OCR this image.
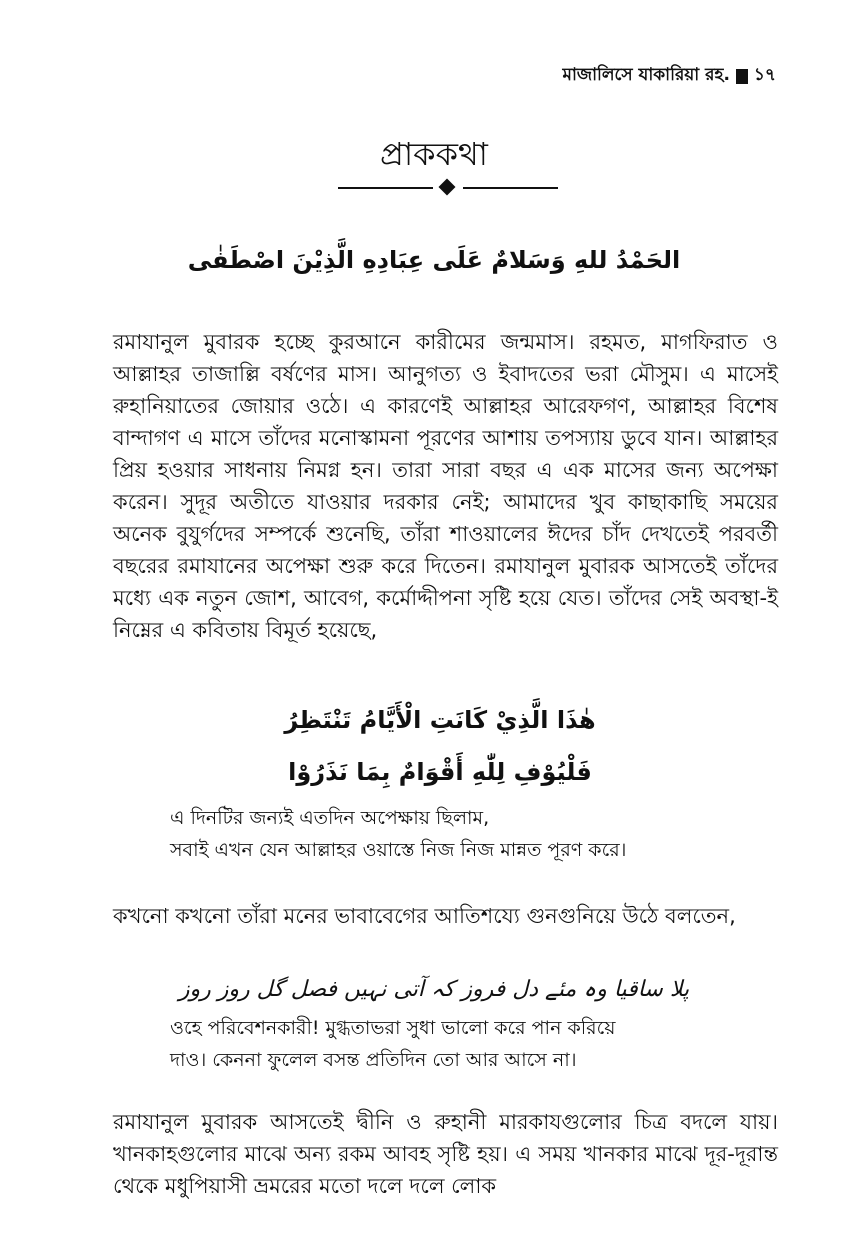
মাজালিসে যাকারিয়া রহ. ১৭
প্রাককথা
الحَمْدُ للهِ وَسَلامٌ عَلَى عِبَادِهِ الَّذِيْنَ اصْطَفٰى

রমাযানুল মুবারক হচ্ছে কুরআনে কারীমের জন্মমাস। রহমত, মাগফিরাত ও আল্লাহর তাজাল্লি বর্ষণের মাস। আনুগত্য ও ইবাদতের ভরা মৌসুম। এ মাসেই রুহানিয়াতের জোয়ার ওঠে। এ কারণেই আল্লাহর আরেফগণ, আল্লাহর বিশেষ বান্দাগণ এ মাসে তাঁদের মনোস্কামনা পূরণের আশায় তপস্যায় ডুবে যান। আল্লাহর প্রিয় হওয়ার সাধনায় নিমগ্ন হন। তারা সারা বছর এ এক মাসের জন্য অপেক্ষা করেন। সুদূর অতীতে যাওয়ার দরকার নেই; আমাদের খুব কাছাকাছি সময়ের অনেক বুযুর্গদের সম্পর্কে শুনেছি, তাঁরা শাওয়ালের ঈদের চাঁদ দেখতেই পরবর্তী বছরের রমাযানের অপেক্ষা শুরু করে দিতেন। রমাযানুল মুবারক আসতেই তাঁদের মধ্যে এক নতুন জোশ, আবেগ, কর্মোদ্দীপনা সৃষ্টি হয়ে যেত। তাঁদের সেই অবস্থা-ই নিম্নের এ কবিতায় বিমূর্ত হয়েছে,

هٰذَا الَّذِيْ كَانَتِ الْأَيَّامُ تَنْتَظِرُ
فَلْيُوْفِ لِلّٰهِ أَقْوَامٌ بِمَا نَذَرُوْا
এ দিনটির জন্যই এতদিন অপেক্ষায় ছিলাম,
সবাই এখন যেন আল্লাহর ওয়াস্তে নিজ নিজ মান্নত পূরণ করে।

কখনো কখনো তাঁরা মনের ভাবাবেগের আতিশয্যে গুনগুনিয়ে উঠে বলতেন,

پلا ساقیا وہ مئے دل فروز کہ آتی نہیں فصل گل روز روز
ওহে পরিবেশনকারী! মুগ্ধতাভরা সুধা ভালো করে পান করিয়ে
দাও। কেননা ফুলেল বসন্ত প্রতিদিন তো আর আসে না।

রমাযানুল মুবারক আসতেই দ্বীনি ও রুহানী মারকাযগুলোর চিত্র বদলে যায়। খানকাহগুলোর মাঝে অন্য রকম আবহ সৃষ্টি হয়। এ সময় খানকার মাঝে দূর-দূরান্ত থেকে মধুপিয়াসী ভ্রমরের মতো দলে দলে লোক
